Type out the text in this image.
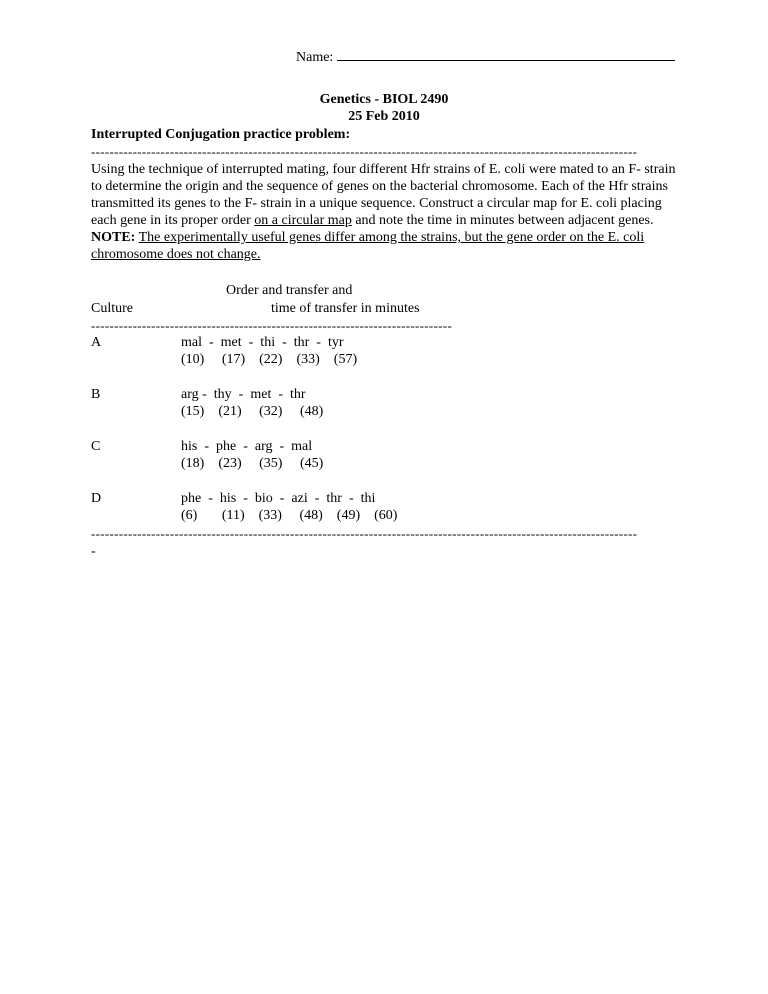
Name:
Genetics - BIOL 2490
25 Feb 2010
Interrupted Conjugation practice problem:
----------------------------------------------------------------------------------------------------------------------
Using the technique of interrupted mating, four different Hfr strains of E. coli were mated to an F- strain to determine the origin and the sequence of genes on the bacterial chromosome. Each of the Hfr strains transmitted its genes to the F- strain in a unique sequence. Construct a circular map for E. coli placing each gene in its proper order on a circular map and note the time in minutes between adjacent genes. NOTE: The experimentally useful genes differ among the strains, but the gene order on the E. coli chromosome does not change.
Order and transfer and
Culture	time of transfer in minutes
------------------------------------------------------------------------------
A	mal  -  met  -  thi  -  thr  -  tyr
(10)     (17)    (22)    (33)    (57)
B	arg -  thy  -  met  -  thr
(15)    (21)     (32)     (48)
C	his  -  phe  -  arg  -  mal
(18)    (23)     (35)     (45)
D	phe  -  his  -  bio  -  azi  -  thr  -  thi
(6)       (11)    (33)     (48)    (49)    (60)
----------------------------------------------------------------------------------------------------------------------
-
